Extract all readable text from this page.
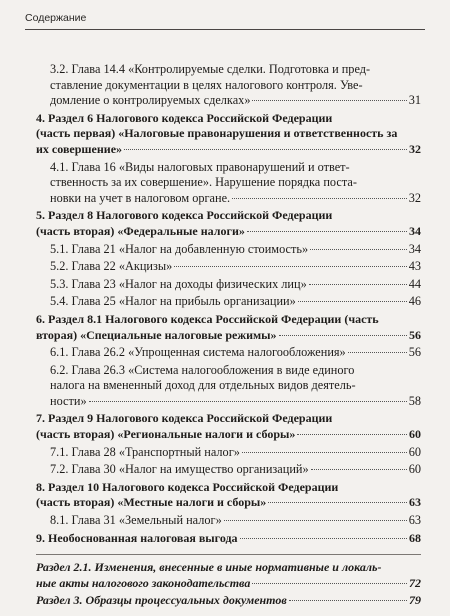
Содержание
3.2. Глава 14.4 «Контролируемые сделки. Подготовка и пред-
ставление документации в целях налогового контроля. Уве-
домление о контролируемых сделках»	31
4. Раздел 6 Налогового кодекса Российской Федерации
(часть первая) «Налоговые правонарушения и ответственность за
их совершение»	32
4.1. Глава 16 «Виды налоговых правонарушений и ответ-
ственность за их совершение». Нарушение порядка поста-
новки на учет в налоговом органе.	32
5. Раздел 8 Налогового кодекса Российской Федерации
(часть вторая) «Федеральные налоги»	34
5.1. Глава 21 «Налог на добавленную стоимость»	34
5.2. Глава 22 «Акцизы»	43
5.3. Глава 23 «Налог на доходы физических лиц»	44
5.4. Глава 25 «Налог на прибыль организации»	46
6. Раздел 8.1 Налогового кодекса Российской Федерации (часть
вторая) «Специальные налоговые режимы»	56
6.1. Глава 26.2 «Упрощенная система налогообложения»	56
6.2. Глава 26.3 «Система налогообложения в виде единого
налога на вмененный доход для отдельных видов деятель-
ности»	58
7. Раздел 9 Налогового кодекса Российской Федерации
(часть вторая) «Региональные налоги и сборы»	60
7.1. Глава 28 «Транспортный налог»	60
7.2. Глава 30 «Налог на имущество организаций»	60
8. Раздел 10 Налогового кодекса Российской Федерации
(часть вторая) «Местные налоги и сборы»	63
8.1. Глава 31 «Земельный налог»	63
9. Необоснованная налоговая выгода	68
Раздел 2.1. Изменения, внесенные в иные нормативные и локаль-
ные акты налогового законодательства	72
Раздел 3. Образцы процессуальных документов	79
